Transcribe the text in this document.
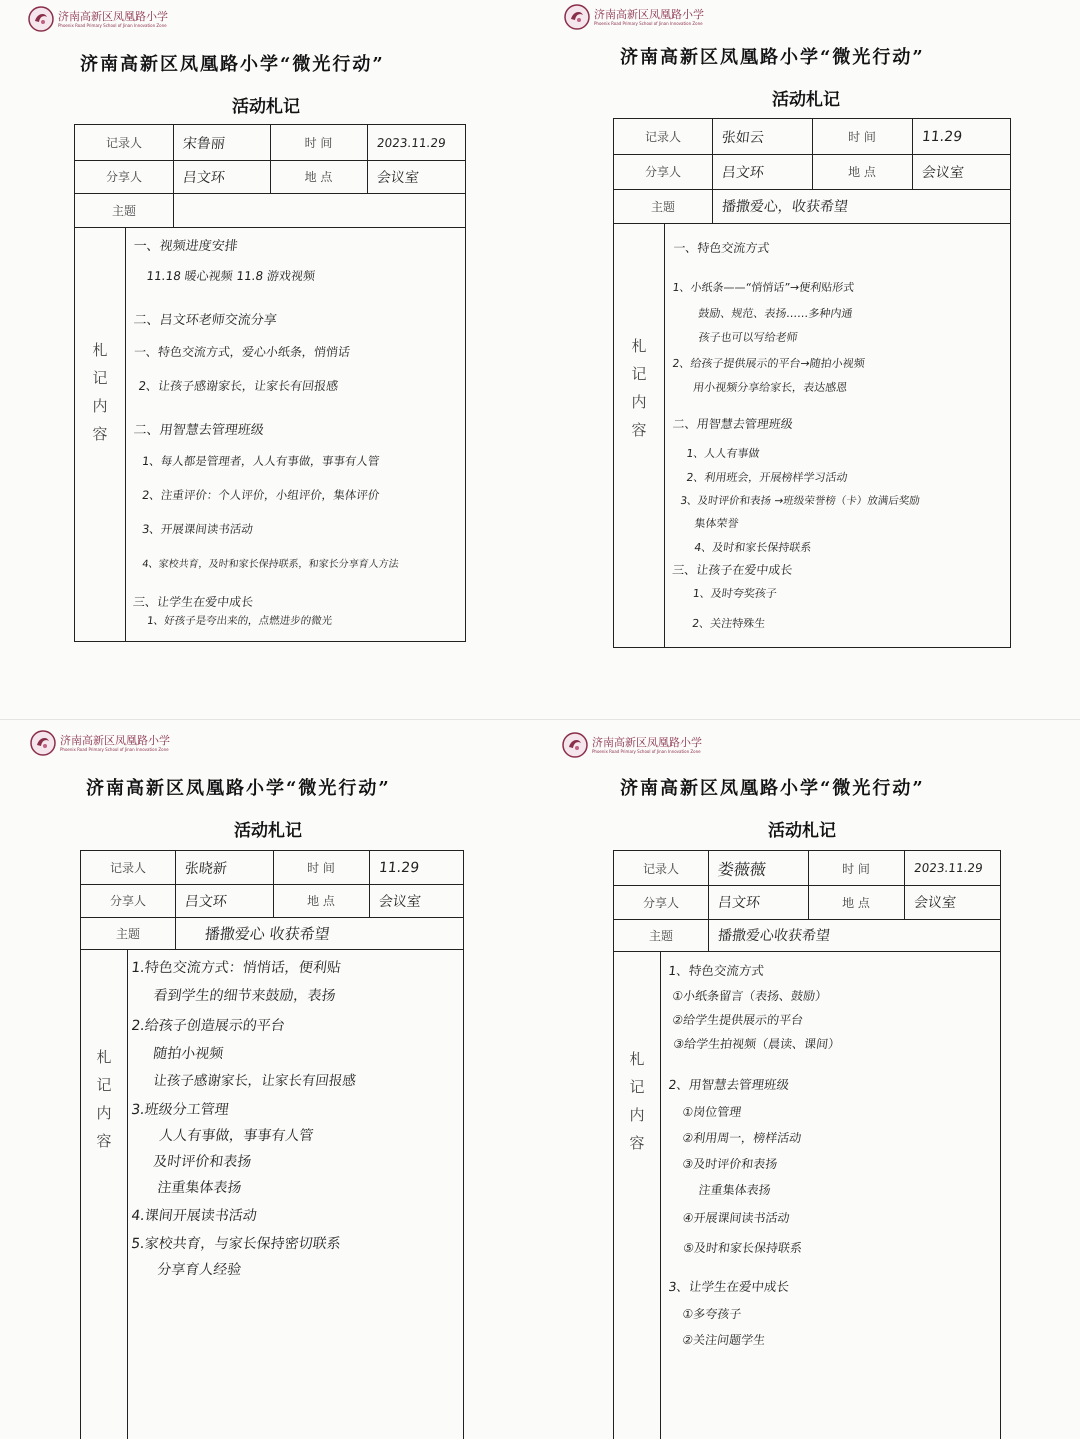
济南高新区凤凰路小学
Phoenix Road Primary School of Jinan Innovation Zone
济南高新区凤凰路小学“微光行动”
活动札记
记录人	宋鲁丽	时 间	2023.11.29
分享人	吕文环	地 点	会议室
主题
札
记
内
容
一、视频进度安排
11.18 暖心视频 11.8 游戏视频
二、吕文环老师交流分享
一、特色交流方式，爱心小纸条，悄悄话
2、让孩子感谢家长，让家长有回报感
二、用智慧去管理班级
1、每人都是管理者，人人有事做，事事有人管
2、注重评价：个人评价，小组评价，集体评价
3、开展课间读书活动
4、家校共育，及时和家长保持联系，和家长分享育人方法
三、让学生在爱中成长
1、好孩子是夸出来的，点燃进步的微光
济南高新区凤凰路小学
Phoenix Road Primary School of Jinan Innovation Zone
济南高新区凤凰路小学“微光行动”
活动札记
记录人	张如云	时 间	11.29
分享人	吕文环	地 点	会议室
主题	播撒爱心，收获希望
札
记
内
容
一、特色交流方式
1、小纸条——“悄悄话”→便利贴形式
鼓励、规范、表扬……多种内通
孩子也可以写给老师
2、给孩子提供展示的平台→随拍小视频
用小视频分享给家长，表达感恩
二、用智慧去管理班级
1、人人有事做
2、利用班会，开展榜样学习活动
3、及时评价和表扬 →班级荣誉榜（卡）放满后奖励
集体荣誉
4、及时和家长保持联系
三、让孩子在爱中成长
1、及时夸奖孩子
2、关注特殊生
济南高新区凤凰路小学
Phoenix Road Primary School of Jinan Innovation Zone
济南高新区凤凰路小学“微光行动”
活动札记
记录人	张晓新	时 间	11.29
分享人	吕文环	地 点	会议室
主题	播撒爱心 收获希望
札
记
内
容
1.特色交流方式：悄悄话，便利贴
看到学生的细节来鼓励，表扬
2.给孩子创造展示的平台
随拍小视频
让孩子感谢家长，让家长有回报感
3.班级分工管理
人人有事做，事事有人管
及时评价和表扬
注重集体表扬
4.课间开展读书活动
5.家校共育，与家长保持密切联系
分享育人经验
济南高新区凤凰路小学
Phoenix Road Primary School of Jinan Innovation Zone
济南高新区凤凰路小学“微光行动”
活动札记
记录人	娄薇薇	时 间	2023.11.29
分享人	吕文环	地 点	会议室
主题	播撒爱心收获希望
札
记
内
容
1、特色交流方式
①小纸条留言（表扬、鼓励）
②给学生提供展示的平台
③给学生拍视频（晨读、课间）
2、用智慧去管理班级
①岗位管理
②利用周一，榜样活动
③及时评价和表扬
注重集体表扬
④开展课间读书活动
⑤及时和家长保持联系
3、让学生在爱中成长
①多夸孩子
②关注问题学生
